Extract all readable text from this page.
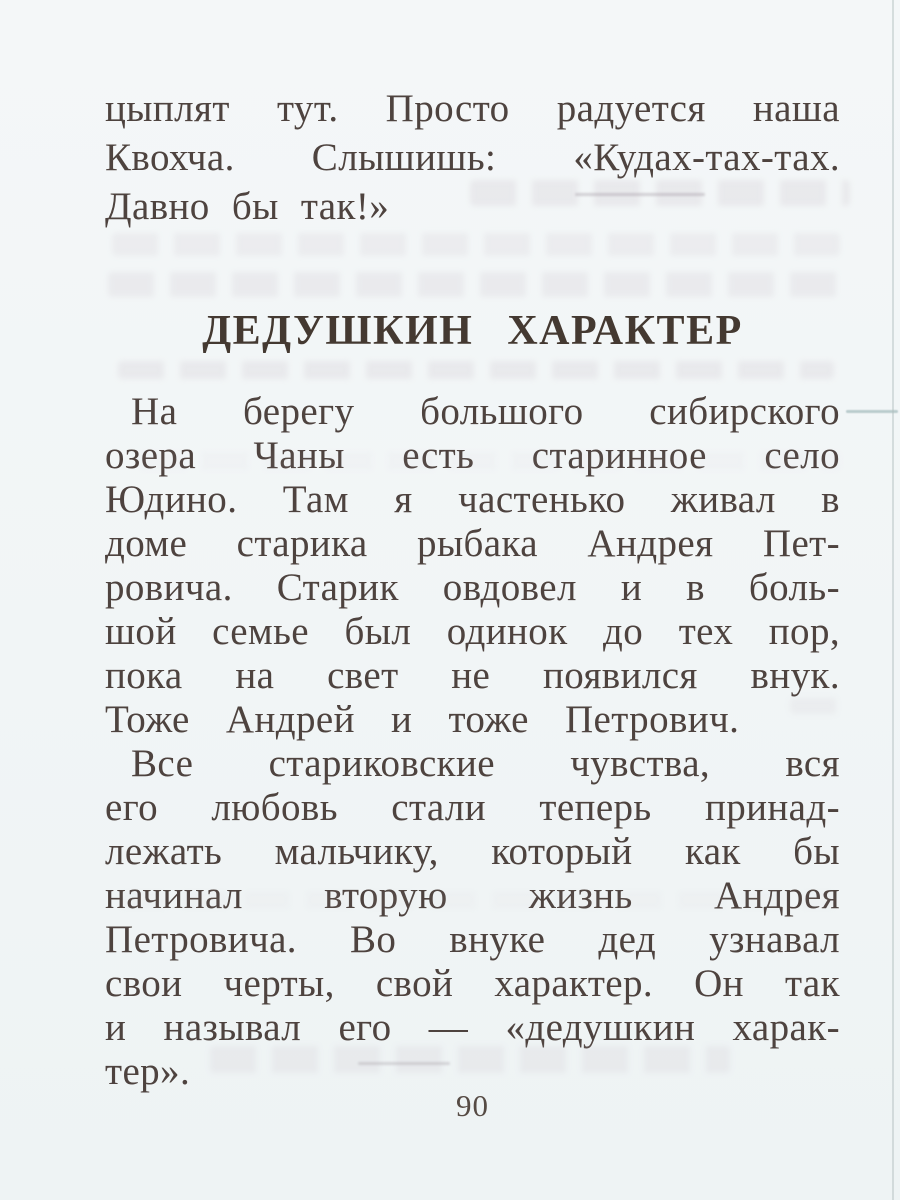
цыплят тут. Просто радуется наша
Квохча. Слышишь: «Кудах-тах-тах.
Давно бы так!»
ДЕДУШКИН ХАРАКТЕР
На берегу большого сибирского
озера Чаны есть старинное село
Юдино. Там я частенько живал в
доме старика рыбака Андрея Пет-
ровича. Старик овдовел и в боль-
шой семье был одинок до тех пор,
пока на свет не появился внук.
Тоже Андрей и тоже Петрович.
Все стариковские чувства, вся
его любовь стали теперь принад-
лежать мальчику, который как бы
начинал вторую жизнь Андрея
Петровича. Во внуке дед узнавал
свои черты, свой характер. Он так
и называл его — «дедушкин харак-
тер».
90
